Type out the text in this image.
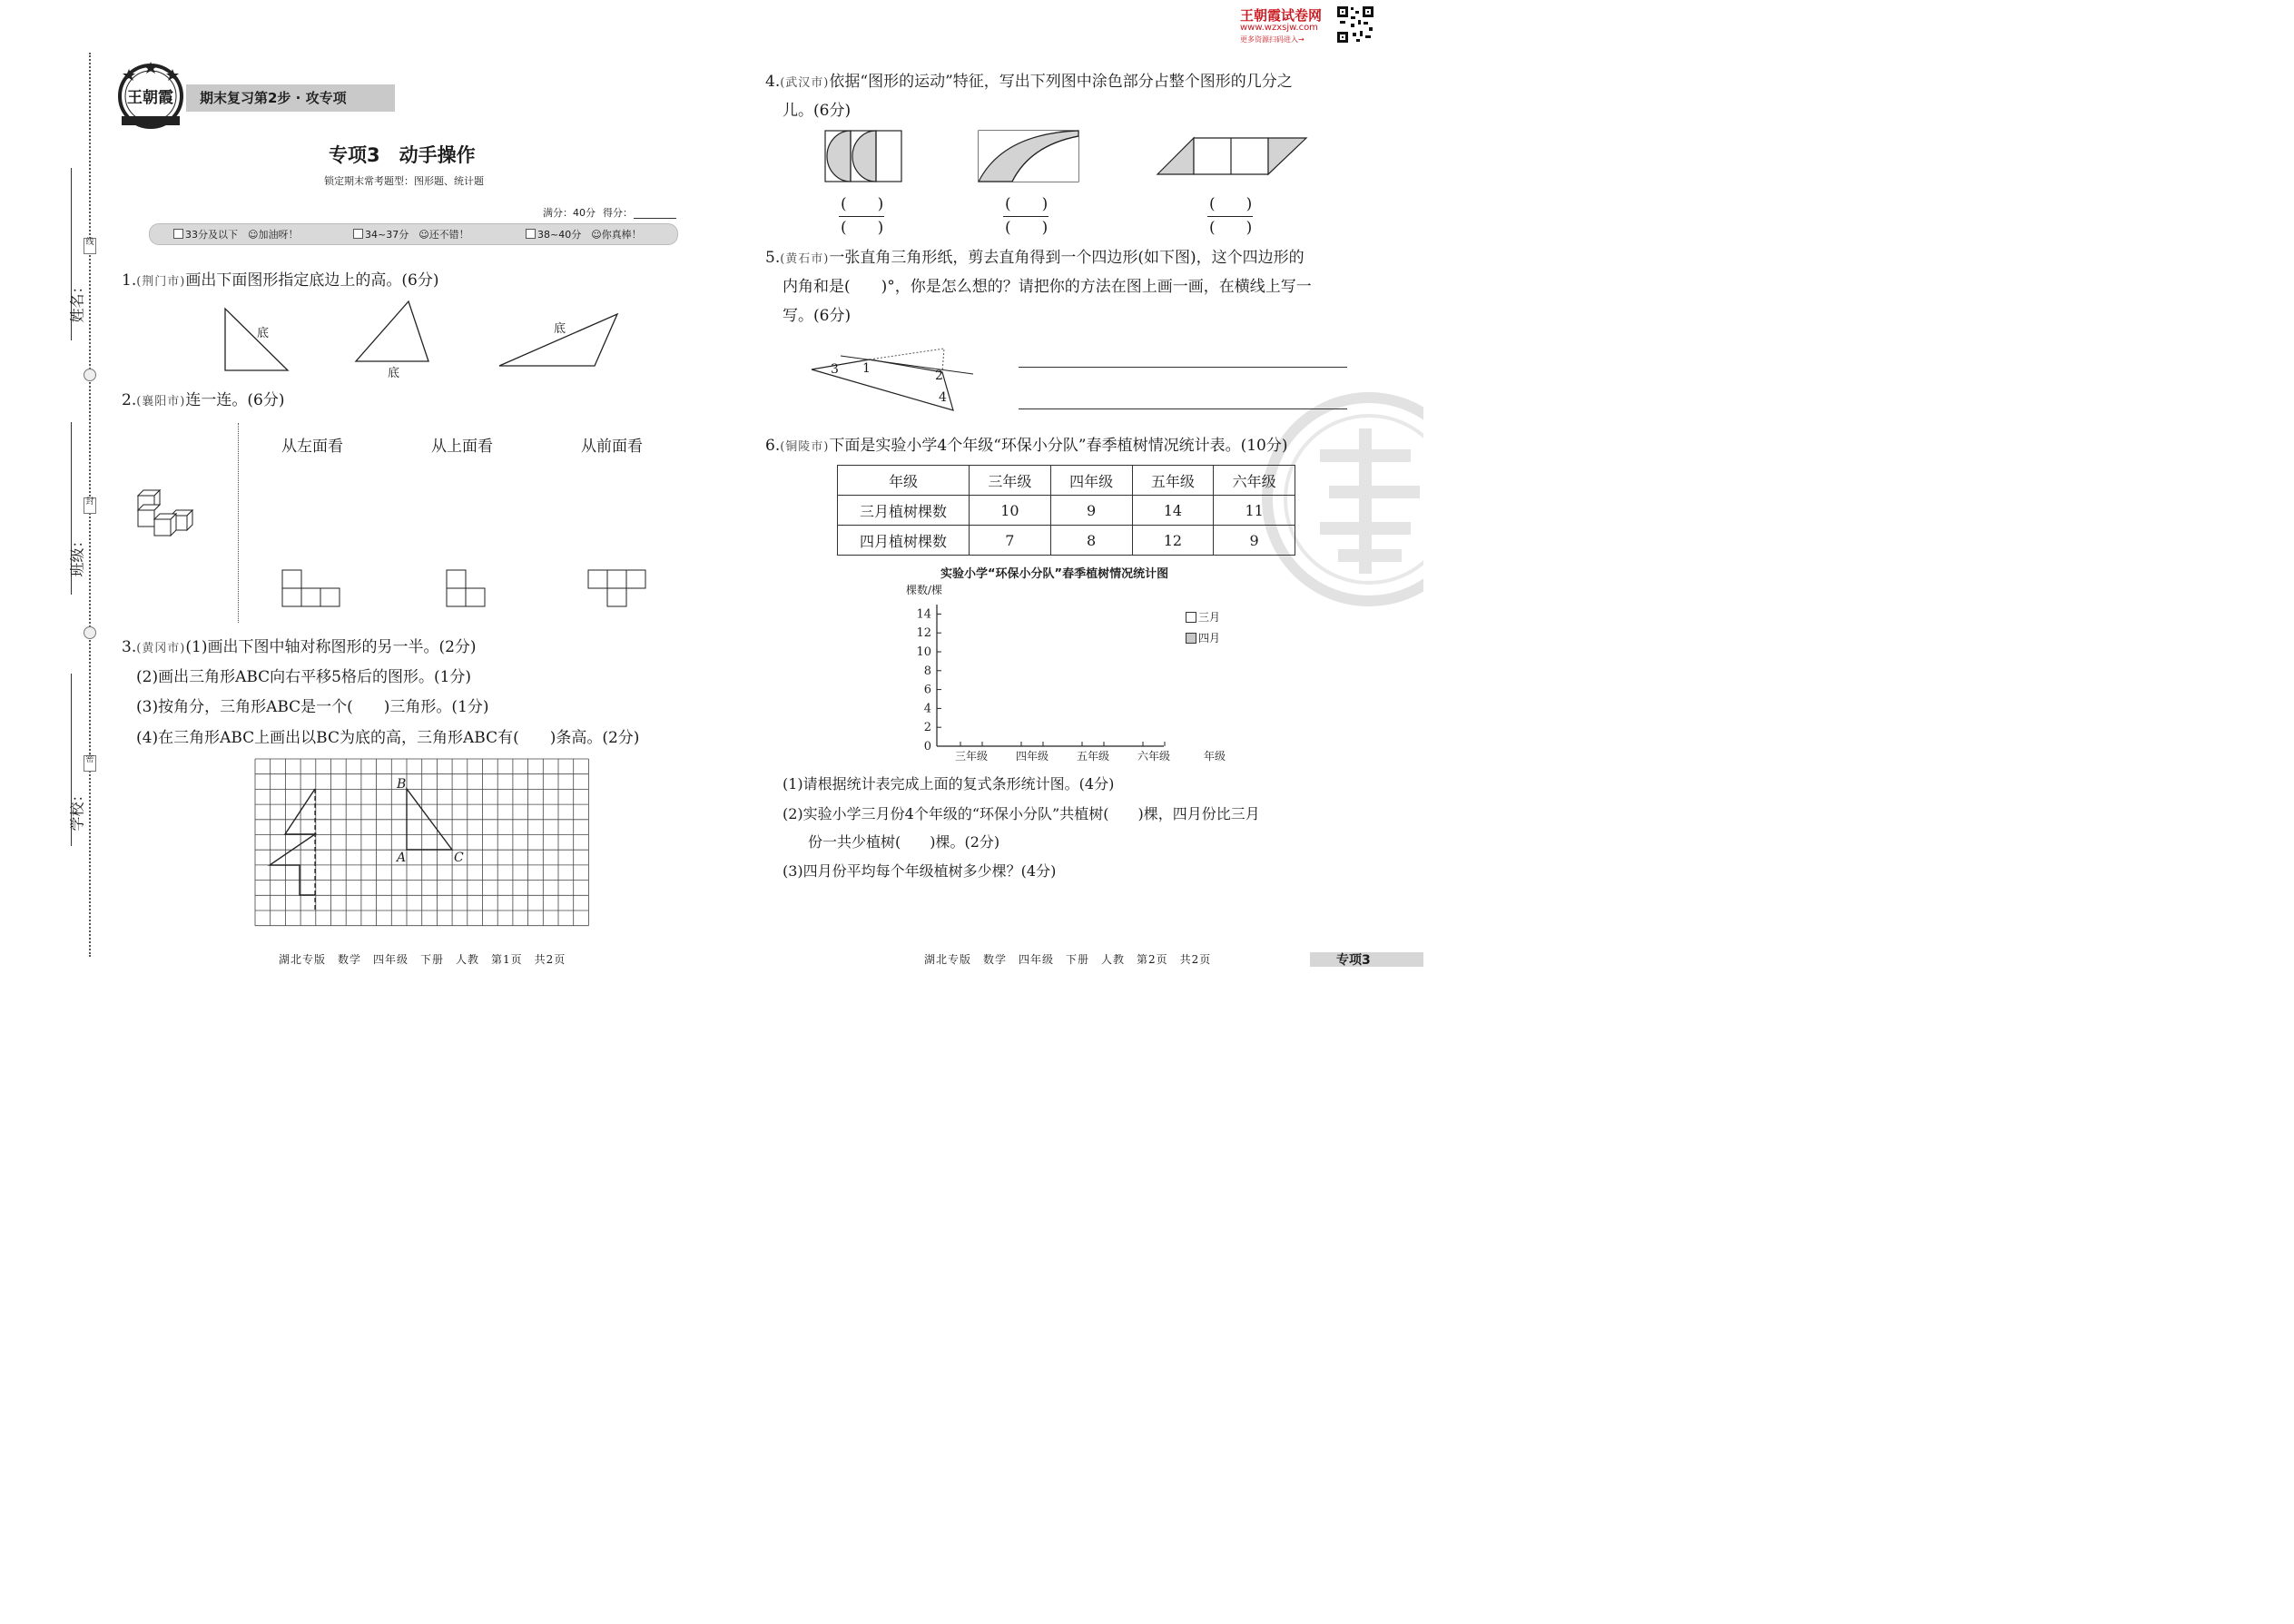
线
封
密
姓名：
班级：
学校：
王朝霞 期末复习第2步 · 攻专项
专项3　动手操作
锁定期末常考题型：图形题、统计题
满分：40分 得分：
33分及以下　 ☺加油呀！	34~37分　 ☺还不错！	38~40分　 ☺你真棒！
1.(荆门市)画出下面图形指定底边上的高。(6分)
底
底
底
2.(襄阳市)连一连。(6分)
从左面看	从上面看	从前面看
3.(黄冈市)(1)画出下图中轴对称图形的另一半。(2分)
(2)画出三角形ABC向右平移5格后的图形。(1分)
(3)按角分，三角形ABC是一个(　　)三角形。(1分)
(4)在三角形ABC上画出以BC为底的高，三角形ABC有(　　)条高。(2分)
B
A	C
湖北专版　数学　四年级　下册　人教　第1页　共2页
王朝霞试卷网
www.wzxsjw.com
更多资源扫码进入→
4.(武汉市)依据“图形的运动”特征，写出下列图中涂色部分占整个图形的几分之
儿。(6分)
(　　)
(　　)
(　　)
(　　)
(　　)
(　　)
5.(黄石市)一张直角三角形纸，剪去直角得到一个四边形(如下图)，这个四边形的
内角和是(　　)°，你是怎么想的？请把你的方法在图上画一画，在横线上写一
写。(6分)
3 1	2
4
6.(铜陵市)下面是实验小学4个年级“环保小分队”春季植树情况统计表。(10分)
年级	三年级	四年级	五年级	六年级
三月植树棵数	10	9	14	11
四月植树棵数	7	8	12	9
实验小学“环保小分队”春季植树情况统计图
棵数/棵
0
2
4
6
8
10
12
14
三年级	四年级	五年级	六年级	年级
三月
四月
(1)请根据统计表完成上面的复式条形统计图。(4分)
(2)实验小学三月份4个年级的“环保小分队”共植树(　　)棵，四月份比三月
份一共少植树(　　)棵。(2分)
(3)四月份平均每个年级植树多少棵？(4分)
湖北专版　数学　四年级　下册　人教　第2页　共2页	专项3
